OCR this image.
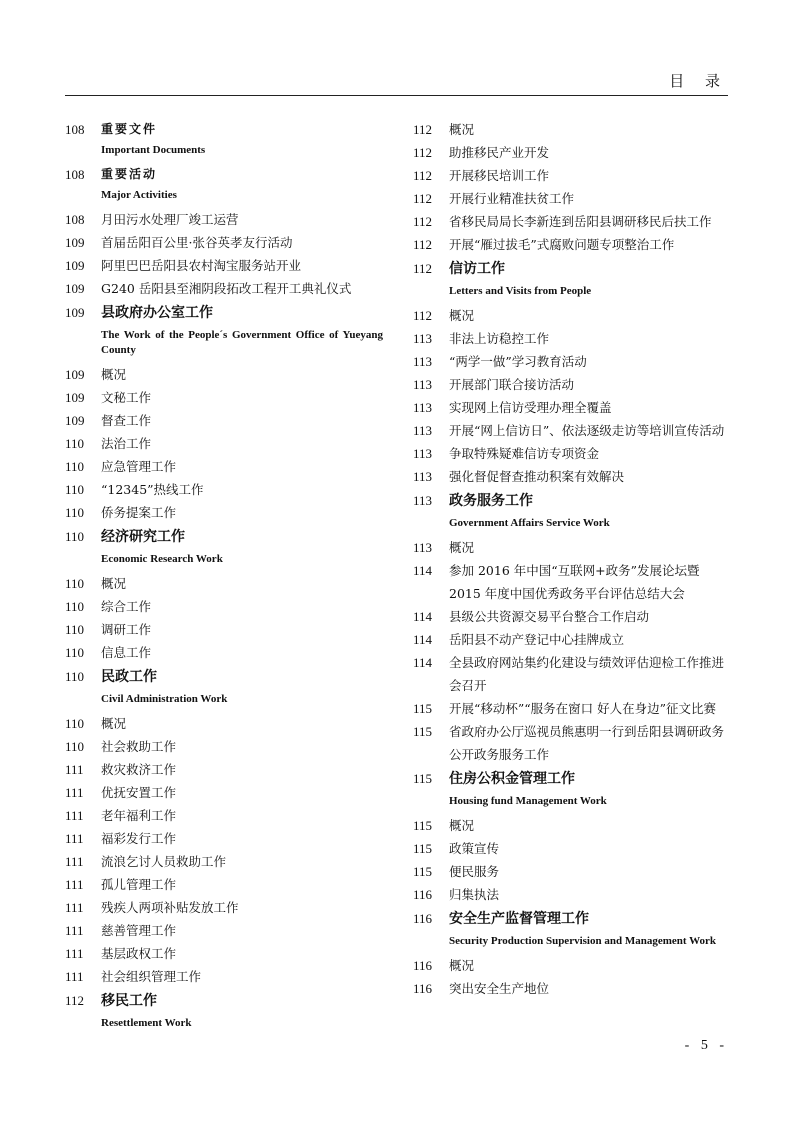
目 录
108	重要文件
Important Documents
108	重要活动
Major Activities
108	月田污水处理厂竣工运营
109	首届岳阳百公里·张谷英孝友行活动
109	阿里巴巴岳阳县农村淘宝服务站开业
109	G240 岳阳县至湘阴段拓改工程开工典礼仪式
109	县政府办公室工作
The Work of the People´s Government Office of Yueyang County
109	概况
109	文秘工作
109	督查工作
110	法治工作
110	应急管理工作
110	“12345”热线工作
110	侨务提案工作
110	经济研究工作
Economic Research Work
110	概况
110	综合工作
110	调研工作
110	信息工作
110	民政工作
Civil Administration Work
110	概况
110	社会救助工作
111	救灾救济工作
111	优抚安置工作
111	老年福利工作
111	福彩发行工作
111	流浪乞讨人员救助工作
111	孤儿管理工作
111	残疾人两项补贴发放工作
111	慈善管理工作
111	基层政权工作
111	社会组织管理工作
112	移民工作
Resettlement Work
112	概况
112	助推移民产业开发
112	开展移民培训工作
112	开展行业精准扶贫工作
112	省移民局局长李新连到岳阳县调研移民后扶工作
112	开展“雁过拔毛”式腐败问题专项整治工作
112	信访工作
Letters and Visits from People
112	概况
113	非法上访稳控工作
113	“两学一做”学习教育活动
113	开展部门联合接访活动
113	实现网上信访受理办理全覆盖
113	开展“网上信访日”、依法逐级走访等培训宣传活动
113	争取特殊疑难信访专项资金
113	强化督促督查推动积案有效解决
113	政务服务工作
Government Affairs Service Work
113	概况
114	参加 2016 年中国“互联网+政务”发展论坛暨 2015 年度中国优秀政务平台评估总结大会
114	县级公共资源交易平台整合工作启动
114	岳阳县不动产登记中心挂牌成立
114	全县政府网站集约化建设与绩效评估迎检工作推进会召开
115	开展“移动杯”“服务在窗口 好人在身边”征文比赛
115	省政府办公厅巡视员熊惠明一行到岳阳县调研政务公开政务服务工作
115	住房公积金管理工作
Housing fund Management Work
115	概况
115	政策宣传
115	便民服务
116	归集执法
116	安全生产监督管理工作
Security Production Supervision and Management Work
116	概况
116	突出安全生产地位
- 5 -
